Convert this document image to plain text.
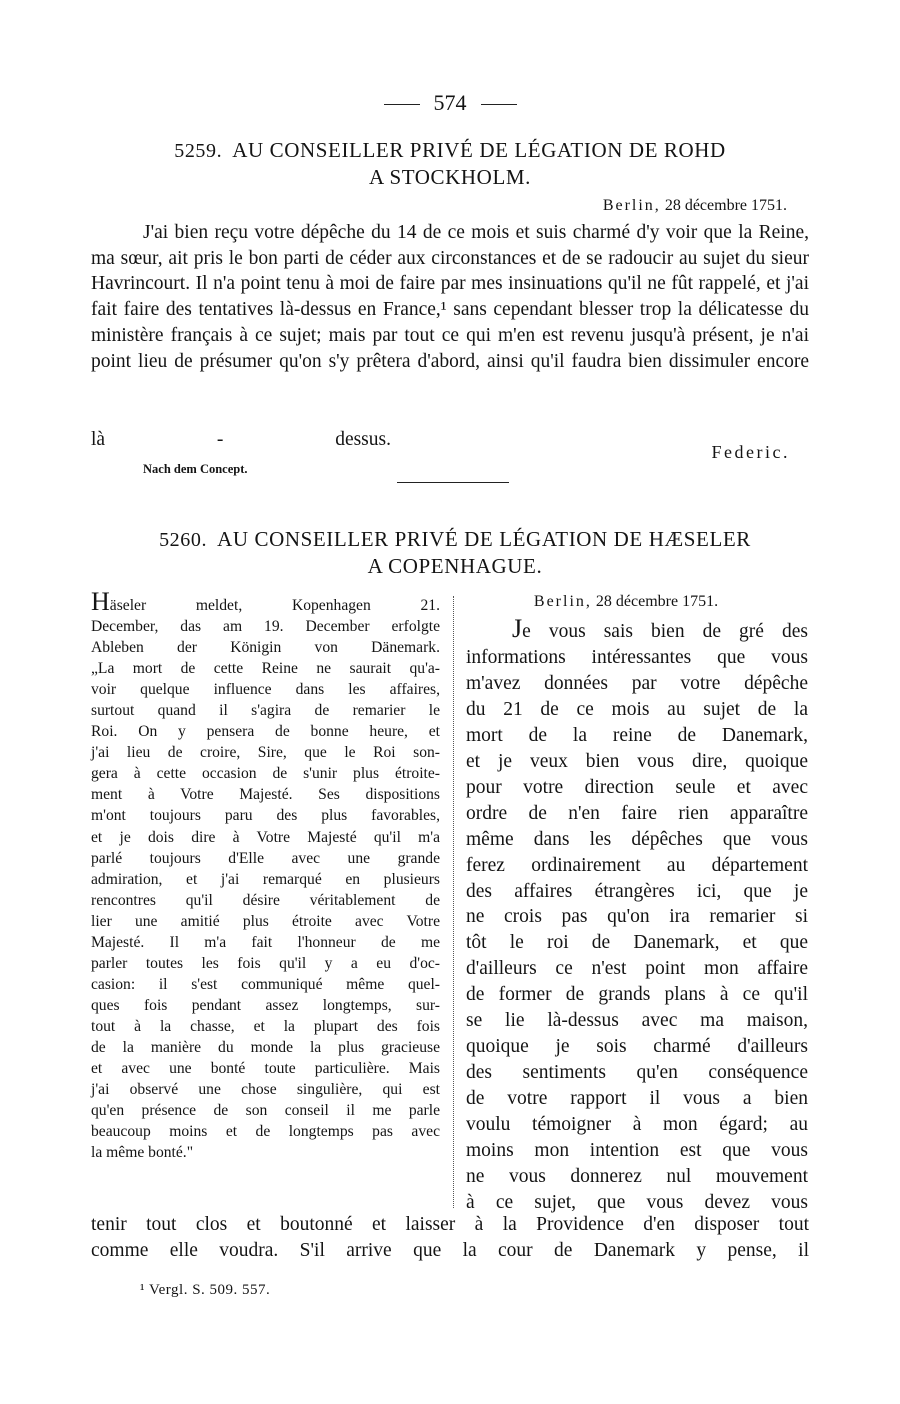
574
5259. AU CONSEILLER PRIVÉ DE LÉGATION DE ROHD
A STOCKHOLM.
Berlin, 28 décembre 1751.
J'ai bien reçu votre dépêche du 14 de ce mois et suis charmé d'y voir que la Reine, ma sœur, ait pris le bon parti de céder aux circonstances et de se radoucir au sujet du sieur Havrincourt. Il n'a point tenu à moi de faire par mes insinuations qu'il ne fût rappelé, et j'ai fait faire des tentatives là-dessus en France,¹ sans cependant blesser trop la délicatesse du ministère français à ce sujet; mais par tout ce qui m'en est revenu jusqu'à présent, je n'ai point lieu de présumer qu'on s'y prêtera d'abord, ainsi qu'il faudra bien dissimuler encore
là - dessus.
Federic.
Nach dem Concept.
5260. AU CONSEILLER PRIVÉ DE LÉGATION DE HÆSELER
A COPENHAGUE.
Häseler meldet, Kopenhagen 21.
December, das am 19. December erfolgte
Ableben der Königin von Dänemark.
„La mort de cette Reine ne saurait qu'a-
voir quelque influence dans les affaires,
surtout quand il s'agira de remarier le
Roi. On y pensera de bonne heure, et
j'ai lieu de croire, Sire, que le Roi son-
gera à cette occasion de s'unir plus étroite-
ment à Votre Majesté. Ses dispositions
m'ont toujours paru des plus favorables,
et je dois dire à Votre Majesté qu'il m'a
parlé toujours d'Elle avec une grande
admiration, et j'ai remarqué en plusieurs
rencontres qu'il désire véritablement de
lier une amitié plus étroite avec Votre
Majesté. Il m'a fait l'honneur de me
parler toutes les fois qu'il y a eu d'oc-
casion: il s'est communiqué même quel-
ques fois pendant assez longtemps, sur-
tout à la chasse, et la plupart des fois
de la manière du monde la plus gracieuse
et avec une bonté toute particulière. Mais
j'ai observé une chose singulière, qui est
qu'en présence de son conseil il me parle
beaucoup moins et de longtemps pas avec
la même bonté."
Berlin, 28 décembre 1751.
Je vous sais bien de gré des
informations intéressantes que vous
m'avez données par votre dépêche
du 21 de ce mois au sujet de la
mort de la reine de Danemark,
et je veux bien vous dire, quoique
pour votre direction seule et avec
ordre de n'en faire rien apparaître
même dans les dépêches que vous
ferez ordinairement au département
des affaires étrangères ici, que je
ne crois pas qu'on ira remarier si
tôt le roi de Danemark, et que
d'ailleurs ce n'est point mon affaire
de former de grands plans à ce qu'il
se lie là-dessus avec ma maison,
quoique je sois charmé d'ailleurs
des sentiments qu'en conséquence
de votre rapport il vous a bien
voulu témoigner à mon égard; au
moins mon intention est que vous
ne vous donnerez nul mouvement
à ce sujet, que vous devez vous
tenir tout clos et boutonné et laisser à la Providence d'en disposer tout
comme elle voudra. S'il arrive que la cour de Danemark y pense, il
¹ Vergl. S. 509. 557.
